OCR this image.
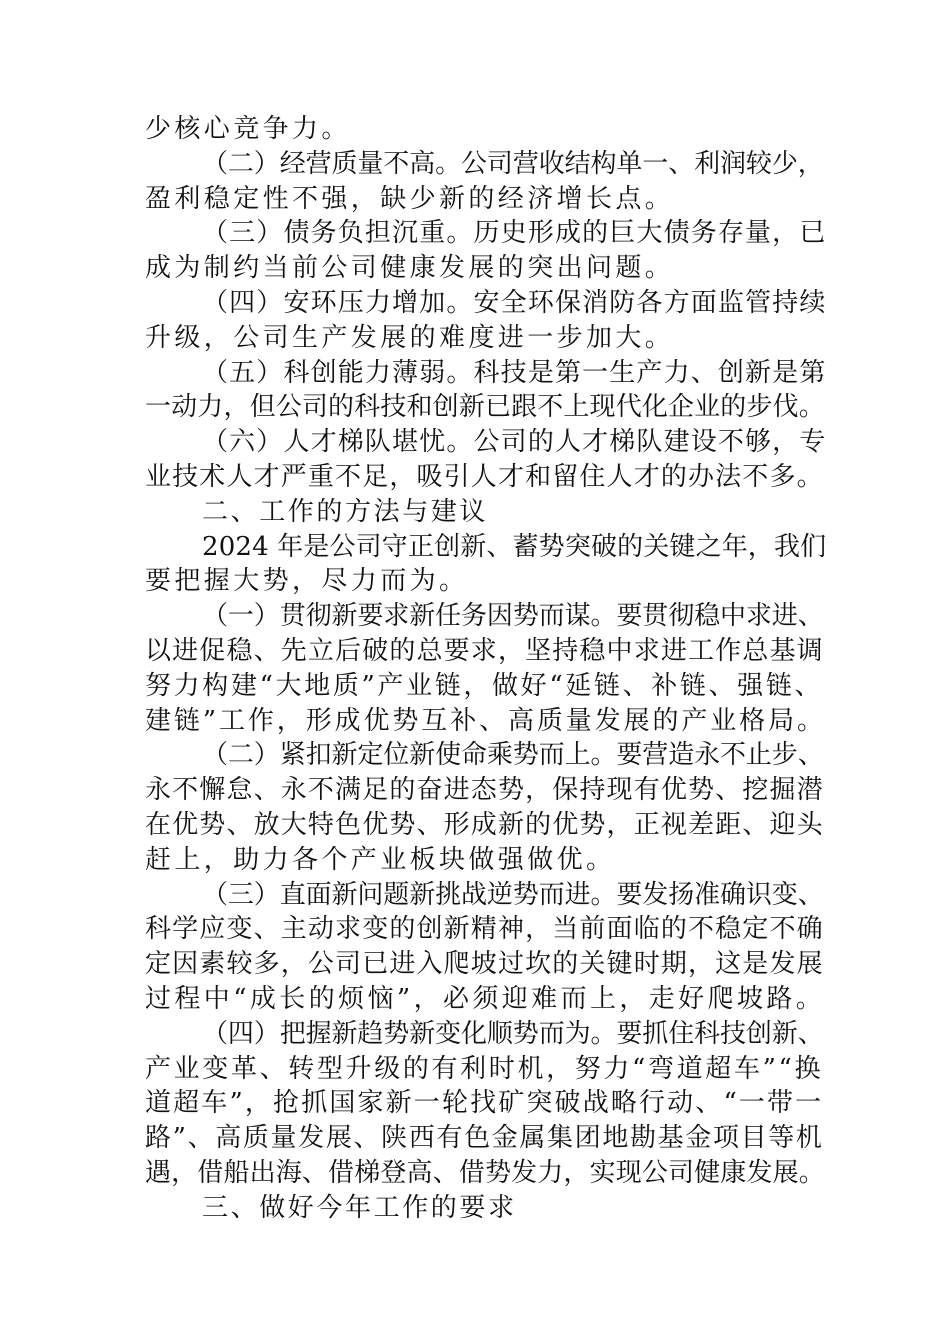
少核心竞争力。
（二）经营质量不高。公司营收结构单一、利润较少，
盈利稳定性不强，缺少新的经济增长点。
（三）债务负担沉重。历史形成的巨大债务存量，已
成为制约当前公司健康发展的突出问题。
（四）安环压力增加。安全环保消防各方面监管持续
升级，公司生产发展的难度进一步加大。
（五）科创能力薄弱。科技是第一生产力、创新是第
一动力，但公司的科技和创新已跟不上现代化企业的步伐。
（六）人才梯队堪忧。公司的人才梯队建设不够，专
业技术人才严重不足，吸引人才和留住人才的办法不多。
二、工作的方法与建议
2024 年是公司守正创新、蓄势突破的关键之年，我们
要把握大势，尽力而为。
（一）贯彻新要求新任务因势而谋。要贯彻稳中求进、
以进促稳、先立后破的总要求，坚持稳中求进工作总基调
努力构建“大地质”产业链，做好“延链、补链、强链、
建链”工作，形成优势互补、高质量发展的产业格局。
（二）紧扣新定位新使命乘势而上。要营造永不止步、
永不懈怠、永不满足的奋进态势，保持现有优势、挖掘潜
在优势、放大特色优势、形成新的优势，正视差距、迎头
赶上，助力各个产业板块做强做优。
（三）直面新问题新挑战逆势而进。要发扬准确识变、
科学应变、主动求变的创新精神，当前面临的不稳定不确
定因素较多，公司已进入爬坡过坎的关键时期，这是发展
过程中“成长的烦恼”，必须迎难而上，走好爬坡路。
（四）把握新趋势新变化顺势而为。要抓住科技创新、
产业变革、转型升级的有利时机，努力“弯道超车”“换
道超车”，抢抓国家新一轮找矿突破战略行动、“一带一
路”、高质量发展、陕西有色金属集团地勘基金项目等机
遇，借船出海、借梯登高、借势发力，实现公司健康发展。
三、做好今年工作的要求
